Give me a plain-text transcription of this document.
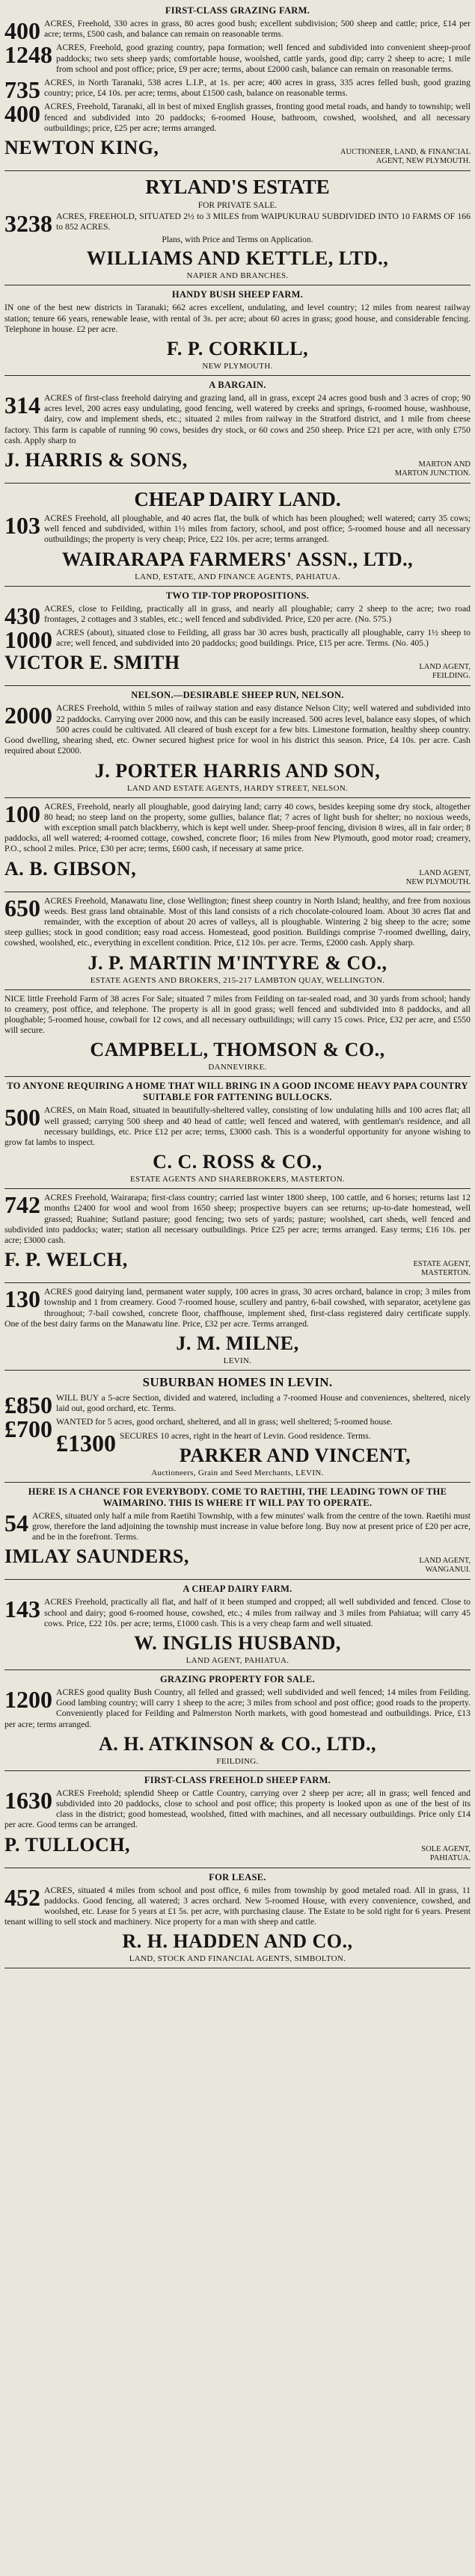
FIRST-CLASS GRAZING FARM.
400 ACRES, Freehold, 330 acres in grass, 80 acres good bush; excellent subdivision; 500 sheep and cattle; price, £14 per acre; terms, £500 cash, and balance can remain on reasonable terms.
1248 ACRES, Freehold, good grazing country, papa formation; well fenced and subdivided into convenient sheep-proof paddocks; two sets sheep yards; comfortable house, woolshed, cattle yards, good dip; carry 2 sheep to acre; 1 mile from school and post office; price, £9 per acre; terms, about £2000 cash, balance can remain on reasonable terms.
735 ACRES, in North Taranaki, 538 acres L.I.P., at 1s. per acre; 400 acres in grass, 335 acres felled bush, good grazing country; price, £4 10s. per acre; terms, about £1500 cash, balance on reasonable terms.
400 ACRES, Freehold, Taranaki, all in best of mixed English grasses, fronting good metal roads, and handy to township; well fenced and subdivided into 20 paddocks; 6-roomed House, bathroom, cowshed, woolshed, and all necessary outbuildings; price, £25 per acre; terms arranged.
NEWTON KING,	AUCTIONEER, LAND, & FINANCIAL
AGENT, NEW PLYMOUTH.
RYLAND'S ESTATE
FOR PRIVATE SALE.
3238 ACRES, FREEHOLD, SITUATED 2½ to 3 MILES from WAIPUKURAU SUBDIVIDED INTO 10 FARMS OF 166 to 852 ACRES.
Plans, with Price and Terms on Application.
WILLIAMS AND KETTLE, LTD.,
NAPIER AND BRANCHES.
HANDY BUSH SHEEP FARM.
IN one of the best new districts in Taranaki; 662 acres excellent, undulating, and level country; 12 miles from nearest railway station; tenure 66 years, renewable lease, with rental of 3s. per acre; about 60 acres in grass; good house, and considerable fencing. Telephone in house. £2 per acre.
F. P. CORKILL,
NEW PLYMOUTH.
A BARGAIN.
314 ACRES of first-class freehold dairying and grazing land, all in grass, except 24 acres good bush and 3 acres of crop; 90 acres level, 200 acres easy undulating, good fencing, well watered by creeks and springs, 6-roomed house, washhouse, dairy, cow and implement sheds, etc.; situated 2 miles from railway in the Stratford district, and 1 mile from cheese factory. This farm is capable of running 90 cows, besides dry stock, or 60 cows and 250 sheep. Price £21 per acre, with only £750 cash. Apply sharp to
J. HARRIS & SONS,	MARTON AND
MARTON JUNCTION.
CHEAP DAIRY LAND.
103 ACRES Freehold, all ploughable, and 40 acres flat, the bulk of which has been ploughed; well watered; carry 35 cows; well fenced and subdivided, within 1½ miles from factory, school, and post office; 5-roomed house and all necessary outbuildings; the property is very cheap; Price, £22 10s. per acre; terms arranged.
WAIRARAPA FARMERS' ASSN., LTD.,
LAND, ESTATE, AND FINANCE AGENTS, PAHIATUA.
TWO TIP-TOP PROPOSITIONS.
430 ACRES, close to Feilding, practically all in grass, and nearly all ploughable; carry 2 sheep to the acre; two road frontages, 2 cottages and 3 stables, etc.; well fenced and subdivided. Price, £20 per acre. (No. 575.)
1000 ACRES (about), situated close to Feilding, all grass bar 30 acres bush, practically all ploughable, carry 1½ sheep to acre; well fenced, and subdivided into 20 paddocks; good buildings. Price, £15 per acre. Terms. (No. 405.)
VICTOR E. SMITH	LAND AGENT,
FEILDING.
NELSON.—DESIRABLE SHEEP RUN, NELSON.
2000 ACRES Freehold, within 5 miles of railway station and easy distance Nelson City; well watered and subdivided into 22 paddocks. Carrying over 2000 now, and this can be easily increased. 500 acres level, balance easy slopes, of which 500 acres could be cultivated. All cleared of bush except for a few bits. Limestone formation, healthy sheep country. Good dwelling, shearing shed, etc. Owner secured highest price for wool in his district this season. Price, £4 10s. per acre. Cash required about £2000.
J. PORTER HARRIS AND SON,
LAND AND ESTATE AGENTS, HARDY STREET, NELSON.
100 ACRES, Freehold, nearly all ploughable, good dairying land; carry 40 cows, besides keeping some dry stock, altogether 80 head; no steep land on the property, some gullies, balance flat; 7 acres of light bush for shelter; no noxious weeds, with exception small patch blackberry, which is kept well under. Sheep-proof fencing, division 8 wires, all in fair order; 8 paddocks, all well watered; 4-roomed cottage, cowshed, concrete floor; 16 miles from New Plymouth, good motor road; creamery, P.O., school 2 miles. Price, £30 per acre; terms, £600 cash, if necessary at same price.
A. B. GIBSON,	LAND AGENT,
NEW PLYMOUTH.
650 ACRES Freehold, Manawatu line, close Wellington; finest sheep country in North Island; healthy, and free from noxious weeds. Best grass land obtainable. Most of this land consists of a rich chocolate-coloured loam. About 30 acres flat and remainder, with the exception of about 20 acres of valleys, all is ploughable. Wintering 2 big sheep to the acre; some steep gullies; stock in good condition; easy road access. Homestead, good position. Buildings comprise 7-roomed dwelling, dairy, cowshed, woolshed, etc., everything in excellent condition. Price, £12 10s. per acre. Terms, £2000 cash. Apply sharp.
J. P. MARTIN M'INTYRE & CO.,
ESTATE AGENTS AND BROKERS, 215-217 LAMBTON QUAY, WELLINGTON.
NICE little Freehold Farm of 38 acres For Sale; situated 7 miles from Feilding on tar-sealed road, and 30 yards from school; handy to creamery, post office, and telephone. The property is all in good grass; well fenced and subdivided into 8 paddocks, and all ploughable; 5-roomed house, cowbail for 12 cows, and all necessary outbuildings; will carry 15 cows. Price, £32 per acre, and £550 will secure.
CAMPBELL, THOMSON & CO.,
DANNEVIRKE.
TO ANYONE REQUIRING A HOME THAT WILL BRING IN A GOOD INCOME HEAVY PAPA COUNTRY SUITABLE FOR FATTENING BULLOCKS.
500 ACRES, on Main Road, situated in beautifully-sheltered valley, consisting of low undulating hills and 100 acres flat; all well grassed; carrying 500 sheep and 40 head of cattle; well fenced and watered, with gentleman's residence, and all necessary buildings, etc. Price £12 per acre; terms, £3000 cash. This is a wonderful opportunity for anyone wishing to grow fat lambs to inspect.
C. C. ROSS & CO.,
ESTATE AGENTS AND SHAREBROKERS, MASTERTON.
742 ACRES Freehold, Wairarapa; first-class country; carried last winter 1800 sheep, 100 cattle, and 6 horses; returns last 12 months £2400 for wool and wool from 1650 sheep; prospective buyers can see returns; up-to-date homestead, well grassed; Ruahine; Sutland pasture; good fencing; two sets of yards; pasture; woolshed, cart sheds, well fenced and subdivided into paddocks; water; station all necessary outbuildings. Price £25 per acre; terms arranged. Easy terms; £16 10s. per acre; £3000 cash.
F. P. WELCH,	ESTATE AGENT,
MASTERTON.
130 ACRES good dairying land, permanent water supply, 100 acres in grass, 30 acres orchard, balance in crop; 3 miles from township and 1 from creamery. Good 7-roomed house, scullery and pantry, 6-bail cowshed, with separator, acetylene gas throughout; 7-bail cowshed, concrete floor, chaffhouse, implement shed, first-class registered dairy certificate supply. One of the best dairy farms on the Manawatu line. Price, £32 per acre. Terms arranged.
J. M. MILNE,
LEVIN.
SUBURBAN HOMES IN LEVIN.
£850 WILL BUY a 5-acre Section, divided and watered, including a 7-roomed House and conveniences, sheltered, nicely laid out, good orchard, etc. Terms.
£700 WANTED for 5 acres, good orchard, sheltered, and all in grass; well sheltered; 5-roomed house.
£1300 SECURES 10 acres, right in the heart of Levin. Good residence. Terms.
PARKER AND VINCENT,
Auctioneers, Grain and Seed Merchants, LEVIN.
HERE IS A CHANCE FOR EVERYBODY. COME TO RAETIHI, THE LEADING TOWN OF THE WAIMARINO. THIS IS WHERE IT WILL PAY TO OPERATE.
54 ACRES, situated only half a mile from Raetihi Township, with a few minutes' walk from the centre of the town. Raetihi must grow, therefore the land adjoining the township must increase in value before long. Buy now at present price of £20 per acre, and be in the forefront. Terms.
IMLAY SAUNDERS,	LAND AGENT,
WANGANUI.
A CHEAP DAIRY FARM.
143 ACRES Freehold, practically all flat, and half of it been stumped and cropped; all well subdivided and fenced. Close to school and dairy; good 6-roomed house, cowshed, etc.; 4 miles from railway and 3 miles from Pahiatua; will carry 45 cows. Price, £22 10s. per acre; terms, £1000 cash. This is a very cheap farm and well situated.
W. INGLIS HUSBAND,
LAND AGENT, PAHIATUA.
GRAZING PROPERTY FOR SALE.
1200 ACRES good quality Bush Country, all felled and grassed; well subdivided and well fenced; 14 miles from Feilding. Good lambing country; will carry 1 sheep to the acre; 3 miles from school and post office; good roads to the property. Conveniently placed for Feilding and Palmerston North markets, with good homestead and outbuildings. Price, £13 per acre; terms arranged.
A. H. ATKINSON & CO., LTD.,
FEILDING.
FIRST-CLASS FREEHOLD SHEEP FARM.
1630 ACRES Freehold; splendid Sheep or Cattle Country, carrying over 2 sheep per acre; all in grass; well fenced and subdivided into 20 paddocks, close to school and post office; this property is looked upon as one of the best of its class in the district; good homestead, woolshed, fitted with machines, and all necessary outbuildings. Price only £14 per acre. Good terms can be arranged.
P. TULLOCH,	SOLE AGENT,
PAHIATUA.
FOR LEASE.
452 ACRES, situated 4 miles from school and post office, 6 miles from township by good metaled road. All in grass, 11 paddocks. Good fencing, all watered; 3 acres orchard. New 5-roomed House, with every convenience, cowshed, and woolshed, etc. Lease for 5 years at £1 5s. per acre, with purchasing clause. The Estate to be sold right for 6 years. Present tenant willing to sell stock and machinery. Nice property for a man with sheep and cattle.
R. H. HADDEN AND CO.,
LAND, STOCK AND FINANCIAL AGENTS, SIMBOLTON.
